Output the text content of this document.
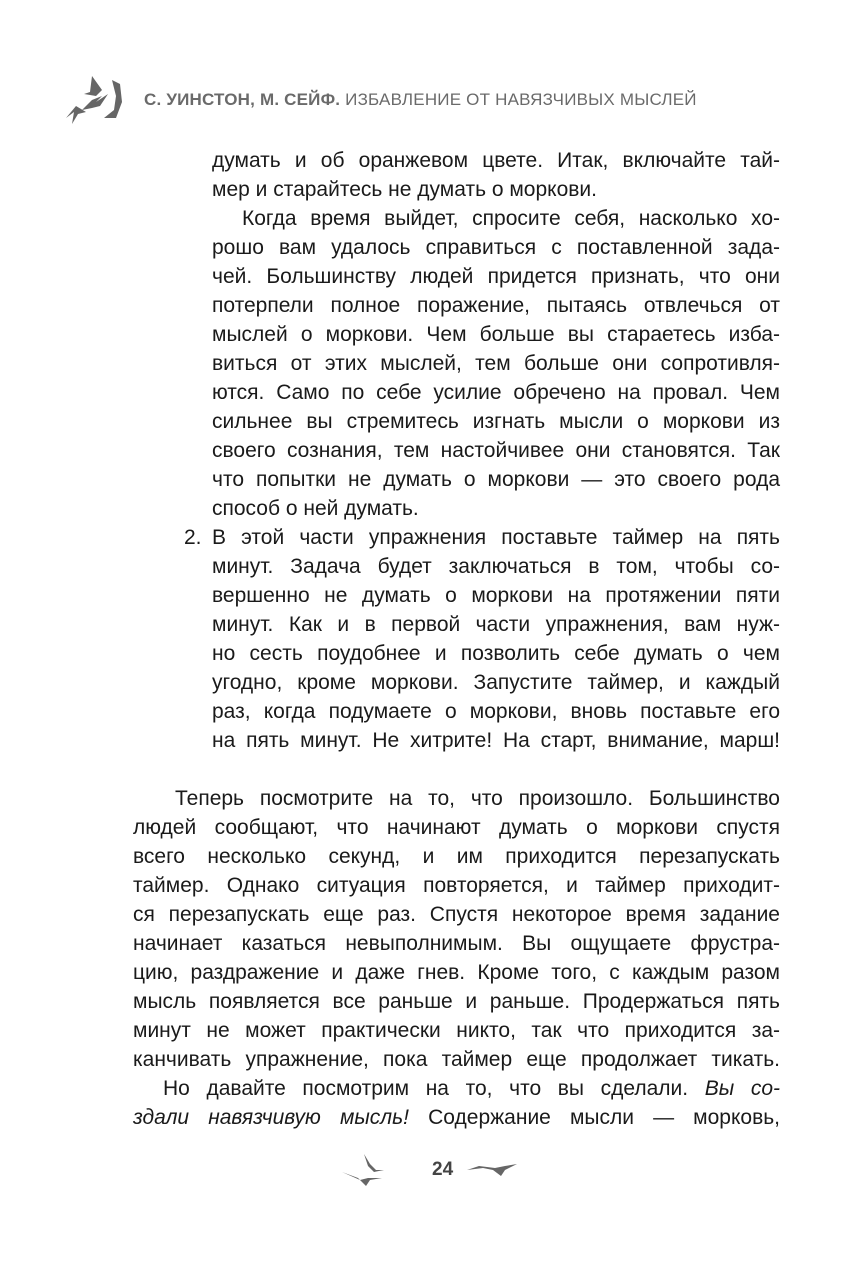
С. УИНСТОН, М. СЕЙФ. ИЗБАВЛЕНИЕ ОТ НАВЯЗЧИВЫХ МЫСЛЕЙ
думать и об оранжевом цвете. Итак, включайте тай-
мер и старайтесь не думать о моркови.
Когда время выйдет, спросите себя, насколько хо-
рошо вам удалось справиться с поставленной зада-
чей. Большинству людей придется признать, что они
потерпели полное поражение, пытаясь отвлечься от
мыслей о моркови. Чем больше вы стараетесь изба-
виться от этих мыслей, тем больше они сопротивля-
ются. Само по себе усилие обречено на провал. Чем
сильнее вы стремитесь изгнать мысли о моркови из
своего сознания, тем настойчивее они становятся. Так
что попытки не думать о моркови — это своего рода
способ о ней думать.
2. В этой части упражнения поставьте таймер на пять
минут. Задача будет заключаться в том, чтобы со-
вершенно не думать о моркови на протяжении пяти
минут. Как и в первой части упражнения, вам нуж-
но сесть поудобнее и позволить себе думать о чем
угодно, кроме моркови. Запустите таймер, и каждый
раз, когда подумаете о моркови, вновь поставьте его
на пять минут. Не хитрите! На старт, внимание, марш!
Теперь посмотрите на то, что произошло. Большинство
людей сообщают, что начинают думать о моркови спустя
всего несколько секунд, и им приходится перезапускать
таймер. Однако ситуация повторяется, и таймер приходит-
ся перезапускать еще раз. Спустя некоторое время задание
начинает казаться невыполнимым. Вы ощущаете фрустра-
цию, раздражение и даже гнев. Кроме того, с каждым разом
мысль появляется все раньше и раньше. Продержаться пять
минут не может практически никто, так что приходится за-
канчивать упражнение, пока таймер еще продолжает тикать.
Но давайте посмотрим на то, что вы сделали. Вы со-
здали навязчивую мысль! Содержание мысли — морковь,
24
